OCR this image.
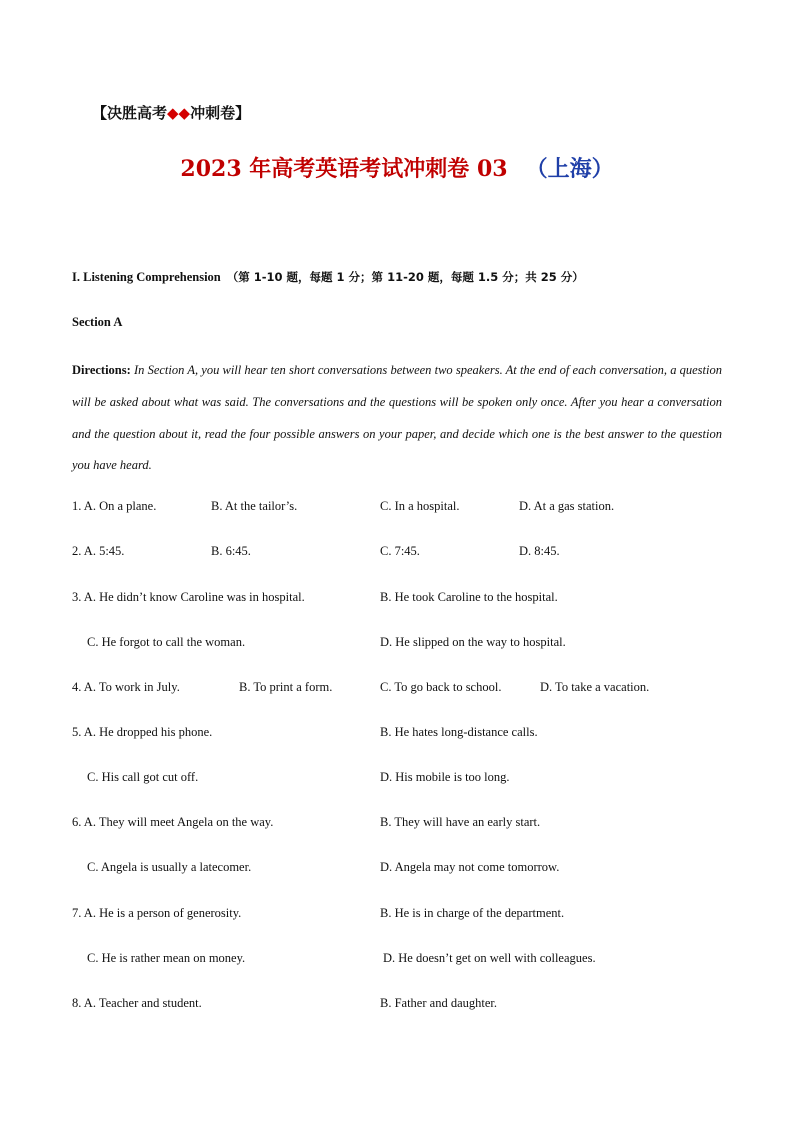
【决胜高考◆◆冲刺卷】
2023 年高考英语考试冲刺卷 03 （上海）
I. Listening Comprehension （第 1-10 题，每题 1 分；第 11-20 题，每题 1.5 分；共 25 分）
Section A
Directions: In Section A, you will hear ten short conversations between two speakers. At the end of each conversation, a question will be asked about what was said. The conversations and the questions will be spoken only once. After you hear a conversation and the question about it, read the four possible answers on your paper, and decide which one is the best answer to the question you have heard.
1. A. On a plane.	B. At the tailor’s.	C. In a hospital.	D. At a gas station.
2. A. 5:45.	B. 6:45.	C. 7:45.	D. 8:45.
3. A. He didn’t know Caroline was in hospital.	B. He took Caroline to the hospital.
C. He forgot to call the woman.	D. He slipped on the way to hospital.
4. A. To work in July.	B. To print a form.	C. To go back to school.	D. To take a vacation.
5. A. He dropped his phone.	B. He hates long-distance calls.
C. His call got cut off.	D. His mobile is too long.
6. A. They will meet Angela on the way.	B. They will have an early start.
C. Angela is usually a latecomer.	D. Angela may not come tomorrow.
7. A. He is a person of generosity.	B. He is in charge of the department.
C. He is rather mean on money.	D. He doesn’t get on well with colleagues.
8. A. Teacher and student.	B. Father and daughter.
